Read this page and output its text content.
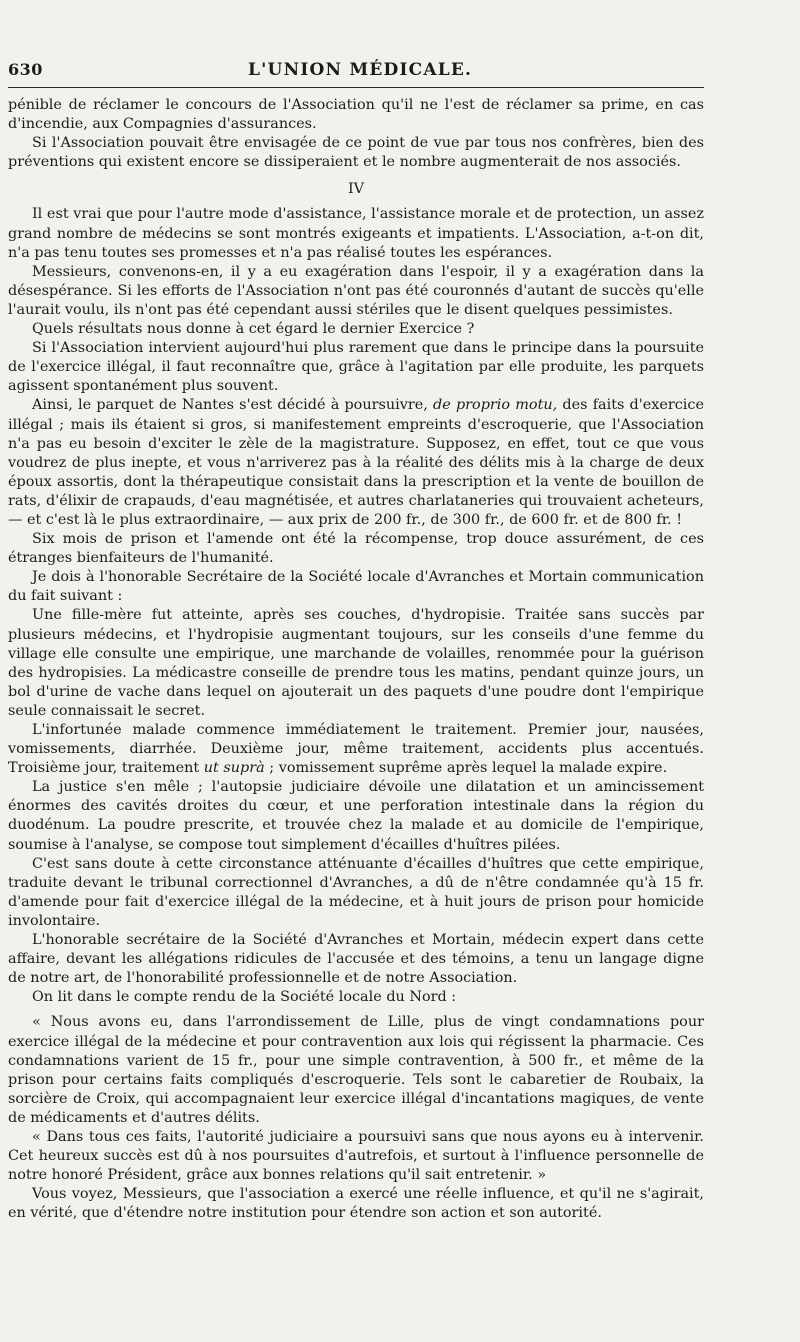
630	L'UNION MÉDICALE.

pénible de réclamer le concours de l'Association qu'il ne l'est de réclamer sa prime, en cas d'incendie, aux Compagnies d'assurances.

Si l'Association pouvait être envisagée de ce point de vue par tous nos confrères, bien des préventions qui existent encore se dissiperaient et le nombre augmenterait de nos associés.

IV

Il est vrai que pour l'autre mode d'assistance, l'assistance morale et de protection, un assez grand nombre de médecins se sont montrés exigeants et impatients. L'Association, a-t-on dit, n'a pas tenu toutes ses promesses et n'a pas réalisé toutes les espérances.

Messieurs, convenons-en, il y a eu exagération dans l'espoir, il y a exagération dans la désespérance. Si les efforts de l'Association n'ont pas été couronnés d'autant de succès qu'elle l'aurait voulu, ils n'ont pas été cependant aussi stériles que le disent quelques pessimistes.

Quels résultats nous donne à cet égard le dernier Exercice ?

Si l'Association intervient aujourd'hui plus rarement que dans le principe dans la poursuite de l'exercice illégal, il faut reconnaître que, grâce à l'agitation par elle produite, les parquets agissent spontanément plus souvent.

Ainsi, le parquet de Nantes s'est décidé à poursuivre, de proprio motu, des faits d'exercice illégal ; mais ils étaient si gros, si manifestement empreints d'escroquerie, que l'Association n'a pas eu besoin d'exciter le zèle de la magistrature. Supposez, en effet, tout ce que vous voudrez de plus inepte, et vous n'arriverez pas à la réalité des délits mis à la charge de deux époux assortis, dont la thérapeutique consistait dans la prescription et la vente de bouillon de rats, d'élixir de crapauds, d'eau magnétisée, et autres charlataneries qui trouvaient acheteurs, — et c'est là le plus extraordinaire, — aux prix de 200 fr., de 300 fr., de 600 fr. et de 800 fr. !

Six mois de prison et l'amende ont été la récompense, trop douce assurément, de ces étranges bienfaiteurs de l'humanité.

Je dois à l'honorable Secrétaire de la Société locale d'Avranches et Mortain communication du fait suivant :

Une fille-mère fut atteinte, après ses couches, d'hydropisie. Traitée sans succès par plusieurs médecins, et l'hydropisie augmentant toujours, sur les conseils d'une femme du village elle consulte une empirique, une marchande de volailles, renommée pour la guérison des hydropisies. La médicastre conseille de prendre tous les matins, pendant quinze jours, un bol d'urine de vache dans lequel on ajouterait un des paquets d'une poudre dont l'empirique seule connaissait le secret.

L'infortunée malade commence immédiatement le traitement. Premier jour, nausées, vomissements, diarrhée. Deuxième jour, même traitement, accidents plus accentués. Troisième jour, traitement ut suprà ; vomissement suprême après lequel la malade expire.

La justice s'en mêle ; l'autopsie judiciaire dévoile une dilatation et un amincissement énormes des cavités droites du cœur, et une perforation intestinale dans la région du duodénum. La poudre prescrite, et trouvée chez la malade et au domicile de l'empirique, soumise à l'analyse, se compose tout simplement d'écailles d'huîtres pilées.

C'est sans doute à cette circonstance atténuante d'écailles d'huîtres que cette empirique, traduite devant le tribunal correctionnel d'Avranches, a dû de n'être condamnée qu'à 15 fr. d'amende pour fait d'exercice illégal de la médecine, et à huit jours de prison pour homicide involontaire.

L'honorable secrétaire de la Société d'Avranches et Mortain, médecin expert dans cette affaire, devant les allégations ridicules de l'accusée et des témoins, a tenu un langage digne de notre art, de l'honorabilité professionnelle et de notre Association.

On lit dans le compte rendu de la Société locale du Nord :

« Nous avons eu, dans l'arrondissement de Lille, plus de vingt condamnations pour exercice illégal de la médecine et pour contravention aux lois qui régissent la pharmacie. Ces condamnations varient de 15 fr., pour une simple contravention, à 500 fr., et même de la prison pour certains faits compliqués d'escroquerie. Tels sont le cabaretier de Roubaix, la sorcière de Croix, qui accompagnaient leur exercice illégal d'incantations magiques, de vente de médicaments et d'autres délits.

« Dans tous ces faits, l'autorité judiciaire a poursuivi sans que nous ayons eu à intervenir. Cet heureux succès est dû à nos poursuites d'autrefois, et surtout à l'influence personnelle de notre honoré Président, grâce aux bonnes relations qu'il sait entretenir. »

Vous voyez, Messieurs, que l'association a exercé une réelle influence, et qu'il ne s'agirait, en vérité, que d'étendre notre institution pour étendre son action et son autorité.
